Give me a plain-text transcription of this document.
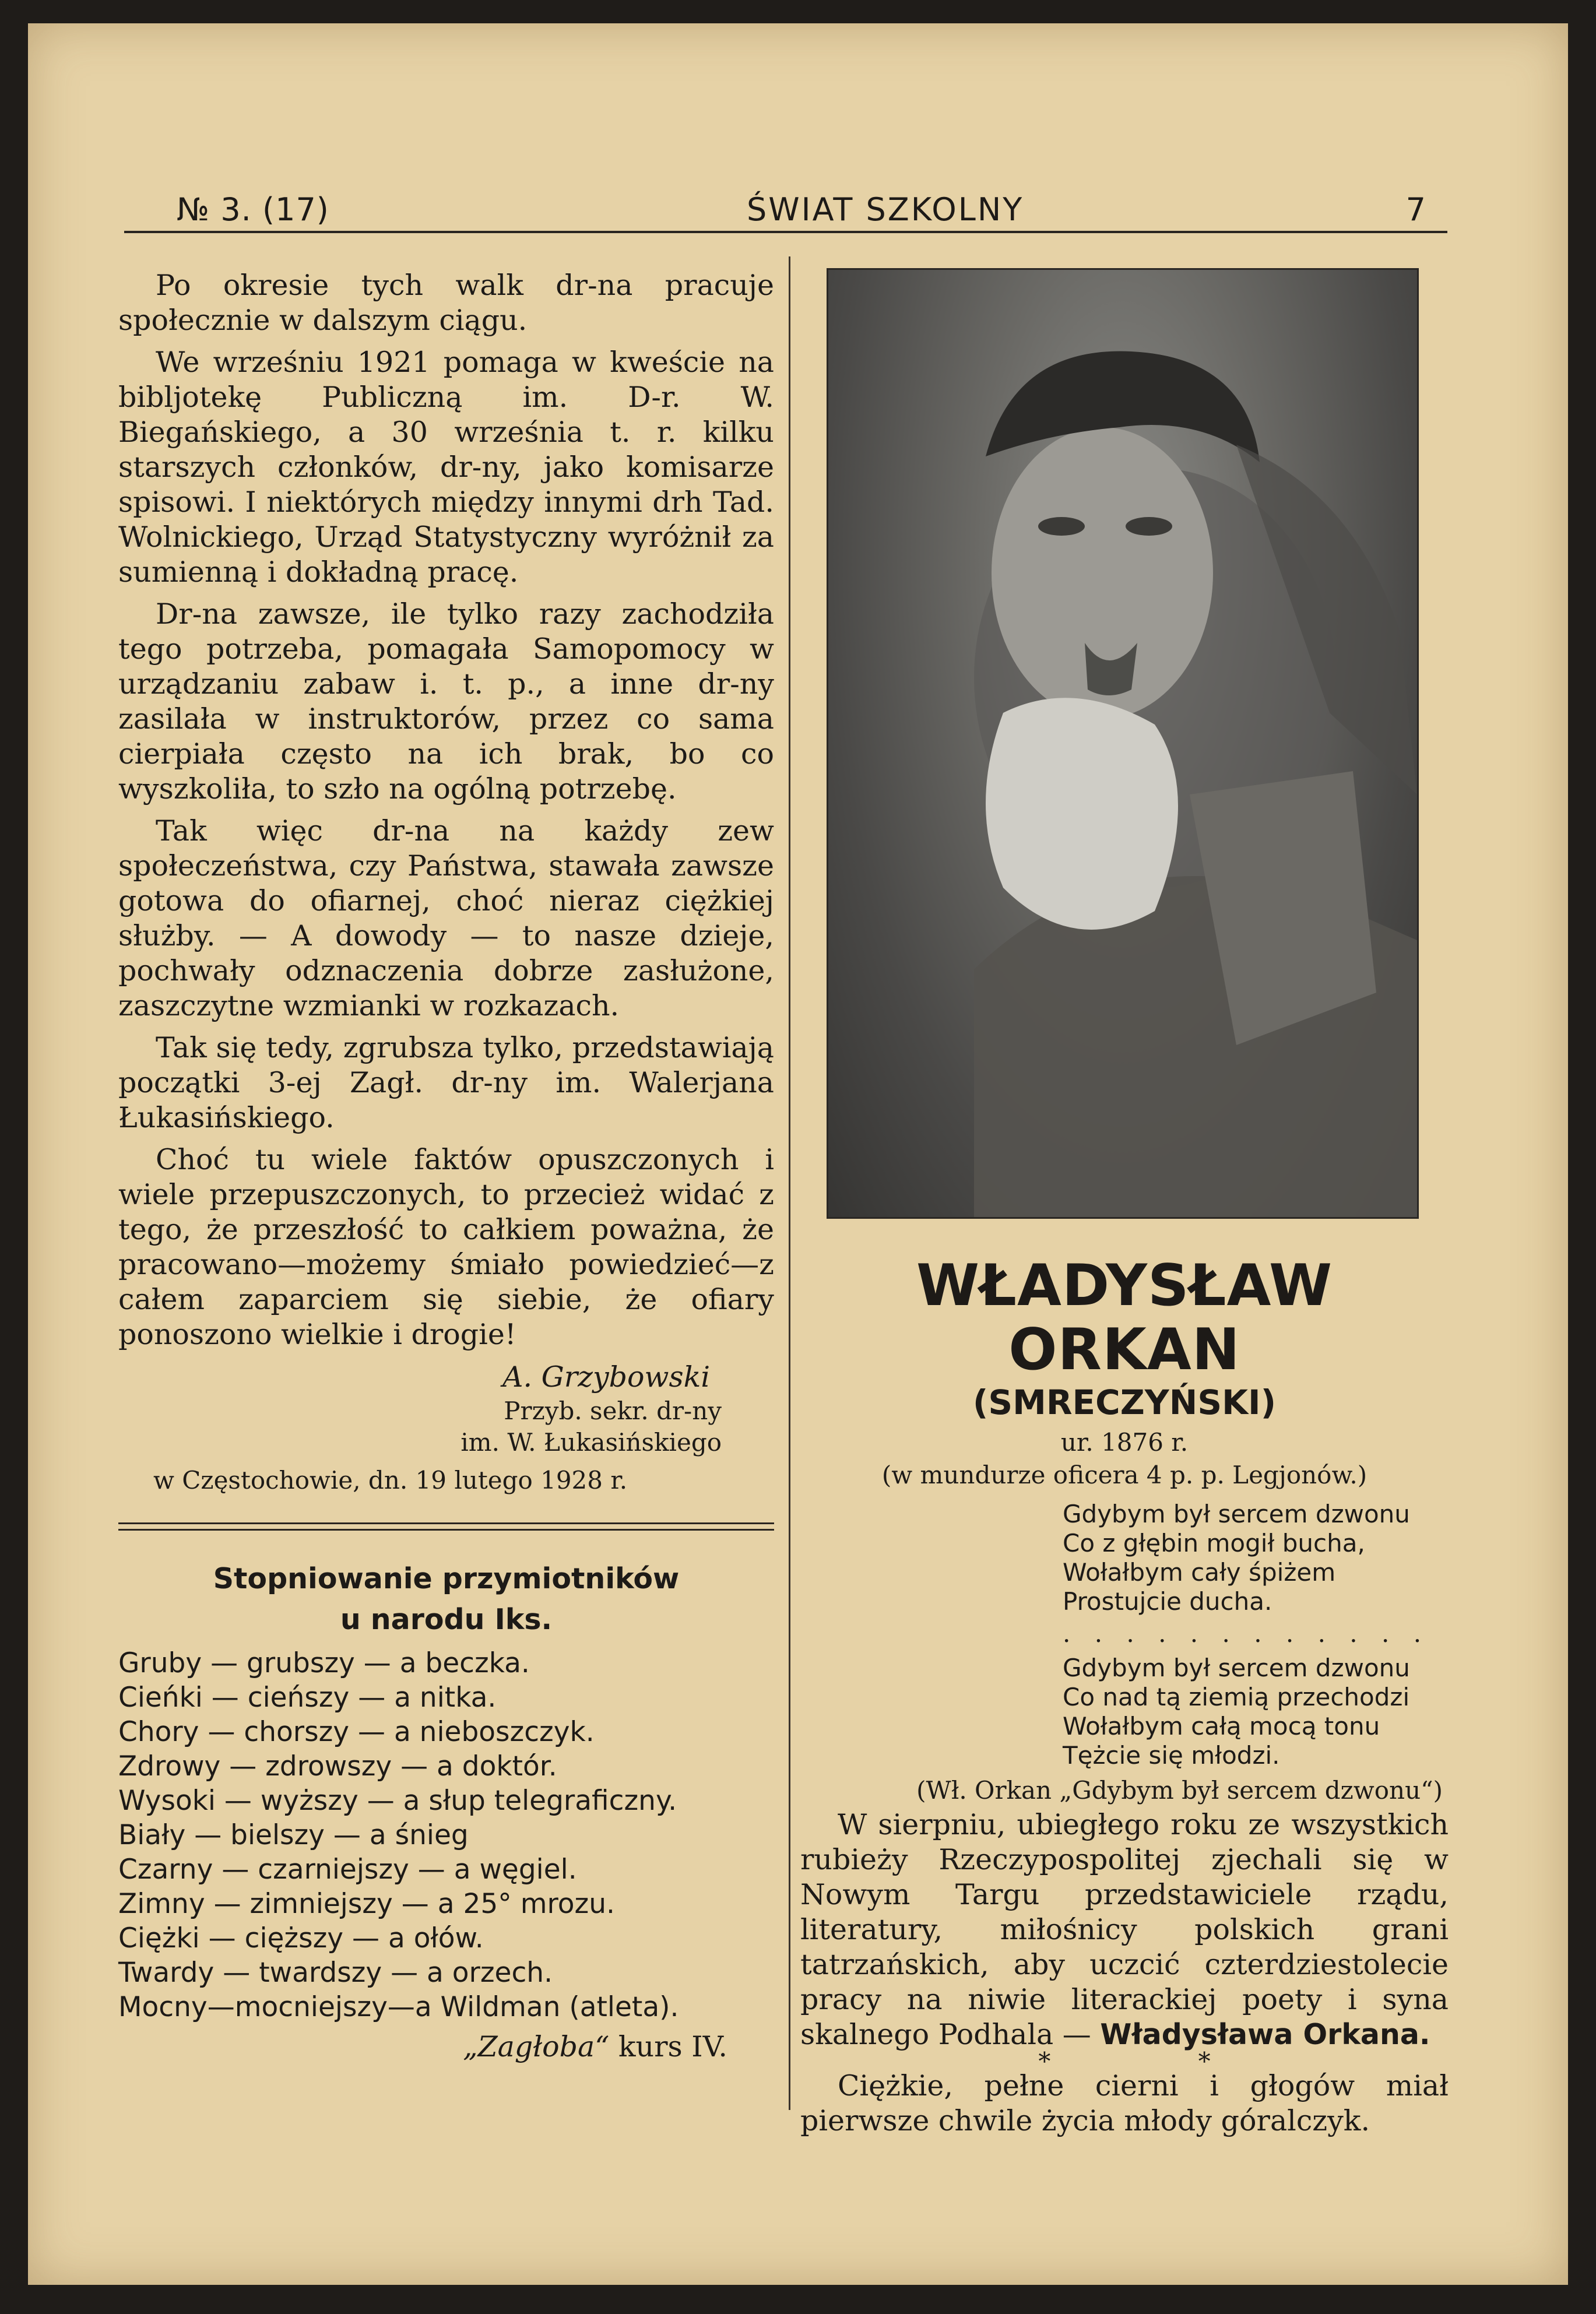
№ 3. (17)	ŚWIAT SZKOLNY	7

Po okresie tych walk dr-na pracuje społecznie w dalszym ciągu.

We wrześniu 1921 pomaga w kweście na bibljotekę Publiczną im. D-r. W. Biegańskiego, a 30 września t. r. kilku starszych członków, dr-ny, jako komisarze spisowi. I niektórych między innymi drh Tad. Wolnickiego, Urząd Statystyczny wyróżnił za sumienną i dokładną pracę.

Dr-na zawsze, ile tylko razy zachodziła tego potrzeba, pomagała Samopomocy w urządzaniu zabaw i. t. p., a inne dr-ny zasilała w instruktorów, przez co sama cierpiała często na ich brak, bo co wyszkoliła, to szło na ogólną potrzebę.

Tak więc dr-na na każdy zew społeczeństwa, czy Państwa, stawała zawsze gotowa do ofiarnej, choć nieraz ciężkiej służby. — A dowody — to nasze dzieje, pochwały odznaczenia dobrze zasłużone, zaszczytne wzmianki w rozkazach.

Tak się tedy, zgrubsza tylko, przedstawiają początki 3-ej Zagł. dr-ny im. Walerjana Łukasińskiego.

Choć tu wiele faktów opuszczonych i wiele przepuszczonych, to przecież widać z tego, że przeszłość to całkiem poważna, że pracowano—możemy śmiało powiedzieć—z całem zaparciem się siebie, że ofiary ponoszono wielkie i drogie!

A. Grzybowski
Przyb. sekr. dr-ny
im. W. Łukasińskiego
w Częstochowie, dn. 19 lutego 1928 r.
Stopniowanie przymiotników
u narodu Iks.
Gruby — grubszy — a beczka.
Cieńki — cieńszy — a nitka.
Chory — chorszy — a nieboszczyk.
Zdrowy — zdrowszy — a doktór.
Wysoki — wyższy — a słup telegraficzny.
Biały — bielszy — a śnieg
Czarny — czarniejszy — a węgiel.
Zimny — zimniejszy — a 25° mrozu.
Ciężki — cięższy — a ołów.
Twardy — twardszy — a orzech.
Mocny—mocniejszy—a Wildman (atleta).
„Zagłoba“ kurs IV.
WŁADYSŁAW ORKAN
(SMRECZYŃSKI)
ur. 1876 r.
(w mundurze oficera 4 p. p. Legjonów.)
Gdybym był sercem dzwonu
Co z głębin mogił bucha,
Wołałbym cały śpiżem
Prostujcie ducha.
. . . . . . . . . . . .
Gdybym był sercem dzwonu
Co nad tą ziemią przechodzi
Wołałbym całą mocą tonu
Tężcie się młodzi.
(Wł. Orkan „Gdybym był sercem dzwonu“)

W sierpniu, ubiegłego roku ze wszystkich rubieży Rzeczypospolitej zjechali się w Nowym Targu przedstawiciele rządu, literatury, miłośnicy polskich grani tatrzańskich, aby uczcić czterdziestolecie pracy na niwie literackiej poety i syna skalnego Podhala — Władysława Orkana.

* *

Ciężkie, pełne cierni i głogów miał pierwsze chwile życia młody góralczyk.
